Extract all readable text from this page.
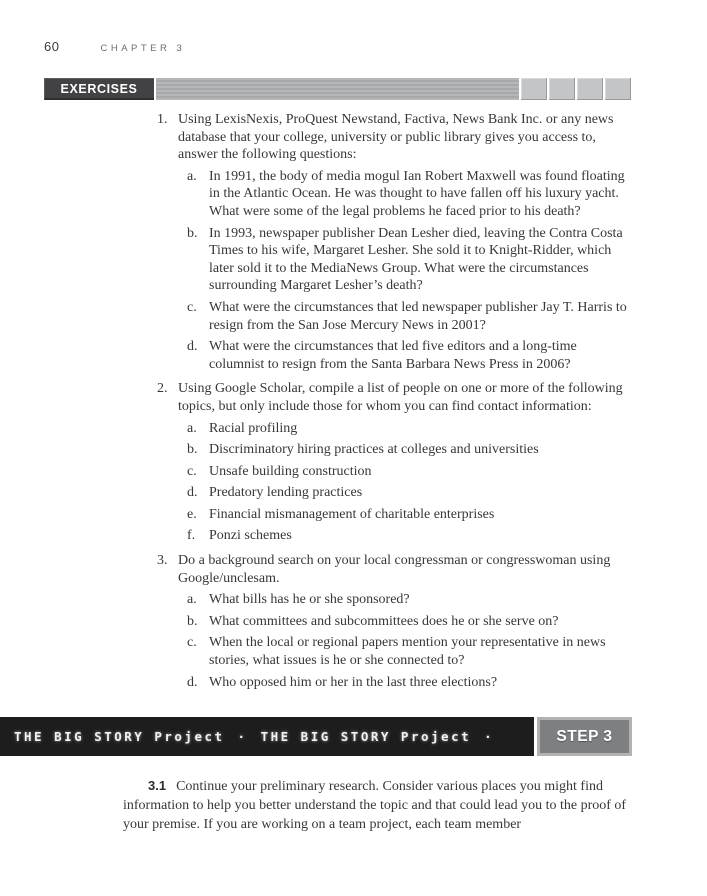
60	CHAPTER 3
EXERCISES
1. Using LexisNexis, ProQuest Newstand, Factiva, News Bank Inc. or any news database that your college, university or public library gives you access to, answer the following questions:
a. In 1991, the body of media mogul Ian Robert Maxwell was found floating in the Atlantic Ocean. He was thought to have fallen off his luxury yacht. What were some of the legal problems he faced prior to his death?
b. In 1993, newspaper publisher Dean Lesher died, leaving the Contra Costa Times to his wife, Margaret Lesher. She sold it to Knight-Ridder, which later sold it to the MediaNews Group. What were the circumstances surrounding Margaret Lesher’s death?
c. What were the circumstances that led newspaper publisher Jay T. Harris to resign from the San Jose Mercury News in 2001?
d. What were the circumstances that led five editors and a long-time columnist to resign from the Santa Barbara News Press in 2006?
2. Using Google Scholar, compile a list of people on one or more of the following topics, but only include those for whom you can find contact information:
a. Racial profiling
b. Discriminatory hiring practices at colleges and universities
c. Unsafe building construction
d. Predatory lending practices
e. Financial mismanagement of charitable enterprises
f. Ponzi schemes
3. Do a background search on your local congressman or congresswoman using Google/unclesam.
a. What bills has he or she sponsored?
b. What committees and subcommittees does he or she serve on?
c. When the local or regional papers mention your representative in news stories, what issues is he or she connected to?
d. Who opposed him or her in the last three elections?
THE BIG STORY Project · THE BIG STORY Project ·	STEP 3

3.1 Continue your preliminary research. Consider various places you might find information to help you better understand the topic and that could lead you to the proof of your premise. If you are working on a team project, each team member
